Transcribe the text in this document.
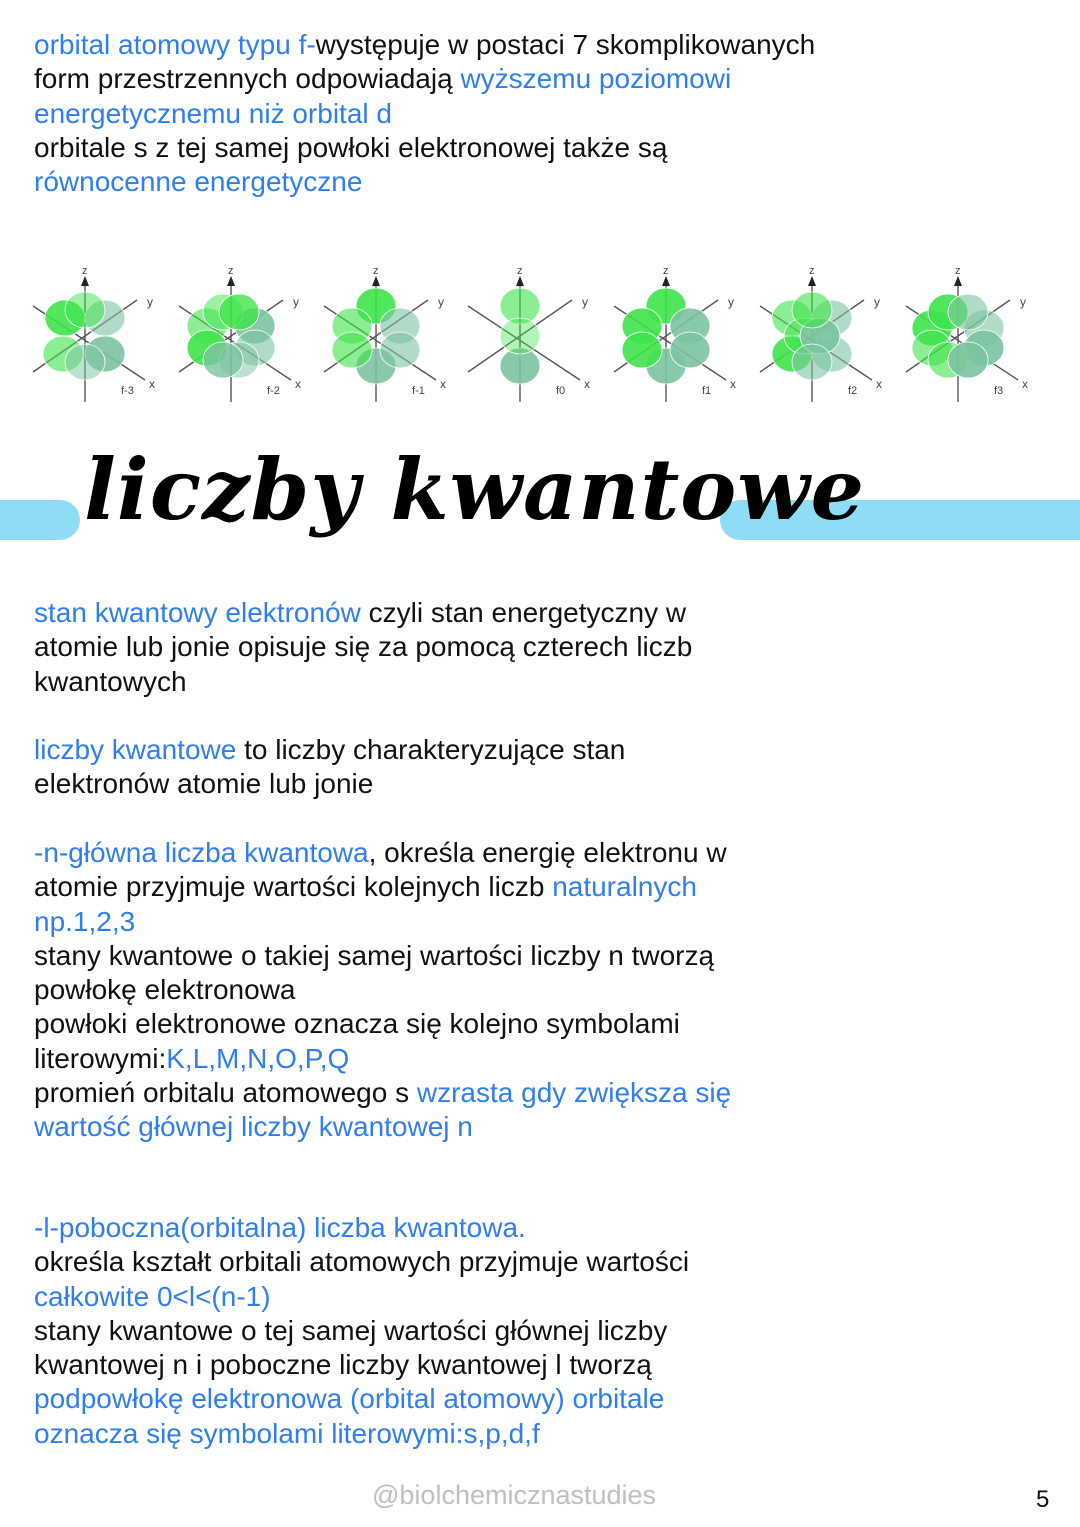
orbital atomowy typu f-występuje w postaci 7 skomplikowanych form przestrzennych odpowiadają wyższemu poziomowi energetycznemu niż orbital d
orbitale s z tej samej powłoki elektronowej także są
równocenne energetyczne

z
y
x
f-3
z
y
x
f-2
z
y
x
f-1
z
y
x
f0
z
y
x
f1
z
y
x
f2
z
y
x
f3
liczby kwantowe

stan kwantowy elektronów czyli stan energetyczny w atomie lub jonie opisuje się za pomocą czterech liczb kwantowych

liczby kwantowe to liczby charakteryzujące stan elektronów atomie lub jonie

-n-główna liczba kwantowa, określa energię elektronu w atomie przyjmuje wartości kolejnych liczb naturalnych np.1,2,3
stany kwantowe o takiej samej wartości liczby n tworzą powłokę elektronowa
powłoki elektronowe oznacza się kolejno symbolami literowymi:K,L,M,N,O,P,Q
promień orbitalu atomowego s wzrasta gdy zwiększa się wartość głównej liczby kwantowej n

-l-poboczna(orbitalna) liczba kwantowa.
określa kształt orbitali atomowych przyjmuje wartości całkowite 0<l<(n-1)
stany kwantowe o tej samej wartości głównej liczby kwantowej n i poboczne liczby kwantowej l tworzą podpowłokę elektronowa (orbital atomowy) orbitale oznacza się symbolami literowymi:s,p,d,f

@biolchemicznastudies	5
